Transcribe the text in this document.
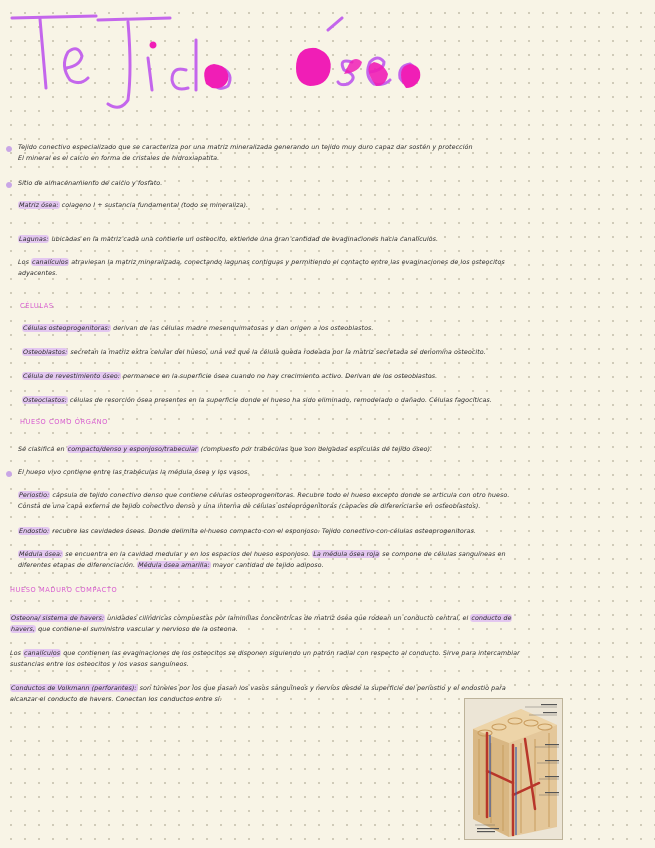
Tejido conectivo especializado que se caracteriza por una matriz mineralizada generando un tejido muy duro capaz dar sostén y protección
El mineral es el calcio en forma de cristales de hidroxiapatita.
Sitio de almacenamiento de calcio y fosfato.
Matriz ósea: colageno I + sustancia fundamental (todo se mineraliza).
Lagunas: ubicadas en la matriz cada una contiene un osteocito, extiende una gran cantidad de evaginaciones hacia canalículos.
Los canalículos atraviesan la matriz mineralizada, conectando lagunas contiguas y permitiendo el contacto entre las evaginaciones de los osteocitos
adyacentes.
CÉLULAS
Células osteoprogenitoras: derivan de las células madre mesenquimatosas y dan origen a los osteoblastos.
Osteoblastos: secretan la matriz extra celular del hueso, una vez que la célula queda rodeada por la matriz secretada se denomina osteocito.
Célula de revestimiento óseo: permanece en la superficie ósea cuando no hay crecimiento activo. Derivan de los osteoblastos.
Osteoclastos: células de resorción ósea presentes en la superficie donde el hueso ha sido eliminado, remodelado o dañado. Células fagocíticas.
HUESO COMO ÓRGANO
Se clasifica en compacto/denso y esponjoso/trabecular (compuesto por trabéculas que son delgadas espículas de tejido óseo).
El hueso vivo contiene entre las trabéculas la médula ósea y los vasos.
Periostio: cápsula de tejido conectivo denso que contiene células osteoprogenitoras. Recubre todo el hueso excepto donde se articula con otro hueso.
Consta de una capa externa de tejido conectivo denso y una interna de células osteoprogenitoras (capaces de diferenciarse en osteoblastos).
Endostio: recubre las cavidades óseas. Donde delimita el hueso compacto con el esponjoso. Tejido conectivo con células osteoprogenitoras.
Médula ósea: se encuentra en la cavidad medular y en los espacios del hueso esponjoso. La médula ósea roja se compone de células sanguíneas en
diferentes etapas de diferenciación. Médula ósea amarilla: mayor cantidad de tejido adiposo.
HUESO MADURO COMPACTO
Osteona/ sistema de havers: unidades cilíndricas compuestas por laminillas concéntricas de matriz ósea que rodean un conducto central, el conducto de
havers, que contiene el suministro vascular y nervioso de la osteona.
Los canalículos que contienen las evaginaciones de los osteocitos se disponen siguiendo un patrón radial con respecto al conducto. Sirve para intercambiar
sustancias entre los osteocitos y los vasos sanguíneos.
Conductos de Volkmann (perforantes): son túneles por los que pasan los vasos sanguíneos y nervios desde la superficie del periostio y el endostio para
alcanzar el conducto de havers. Conectan los conductos entre sí.
